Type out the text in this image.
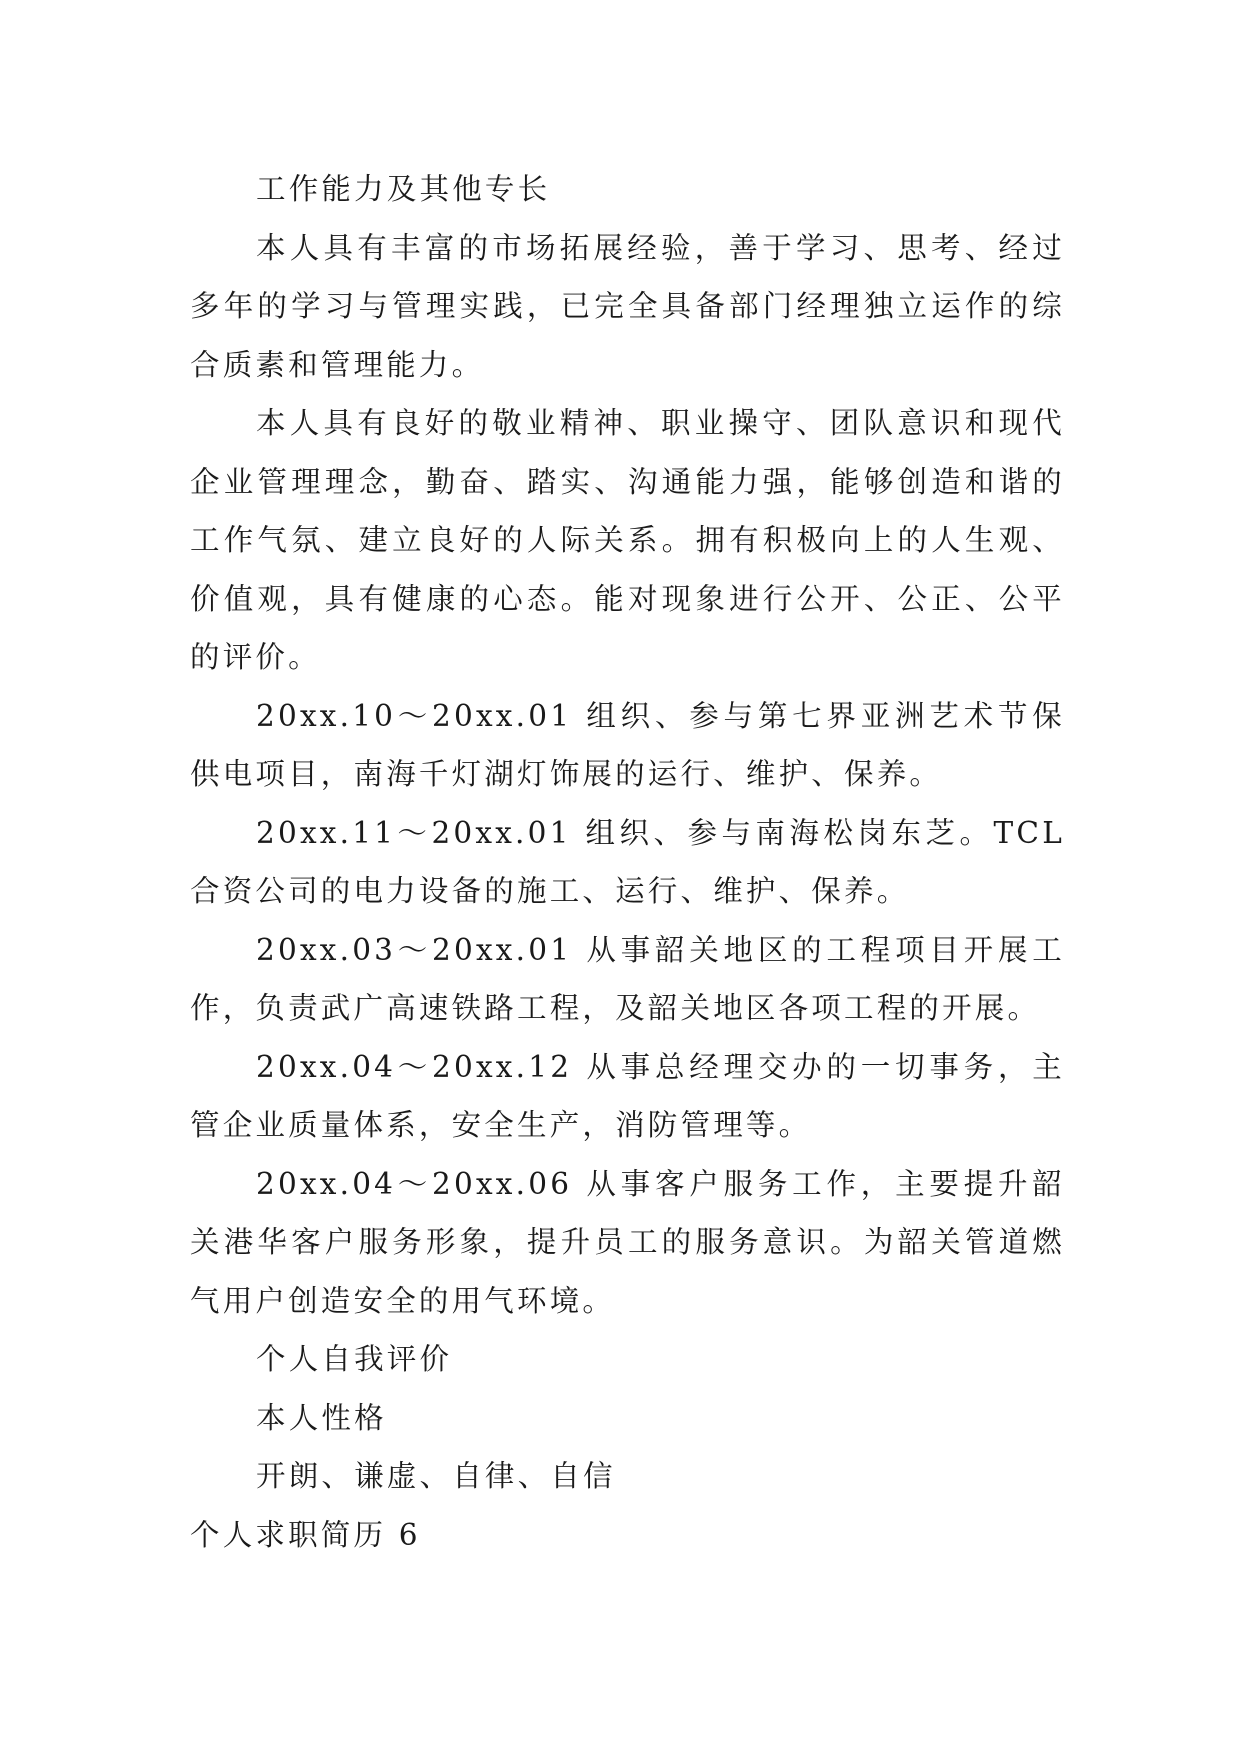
工作能力及其他专长

本人具有丰富的市场拓展经验，善于学习、思考、经过多年的学习与管理实践，已完全具备部门经理独立运作的综合质素和管理能力。

本人具有良好的敬业精神、职业操守、团队意识和现代企业管理理念，勤奋、踏实、沟通能力强，能够创造和谐的工作气氛、建立良好的人际关系。拥有积极向上的人生观、价值观，具有健康的心态。能对现象进行公开、公正、公平的评价。

20xx.10～20xx.01 组织、参与第七界亚洲艺术节保供电项目，南海千灯湖灯饰展的运行、维护、保养。

20xx.11～20xx.01 组织、参与南海松岗东芝。TCL 合资公司的电力设备的施工、运行、维护、保养。

20xx.03～20xx.01 从事韶关地区的工程项目开展工作，负责武广高速铁路工程，及韶关地区各项工程的开展。

20xx.04～20xx.12 从事总经理交办的一切事务，主管企业质量体系，安全生产，消防管理等。

20xx.04～20xx.06 从事客户服务工作，主要提升韶关港华客户服务形象，提升员工的服务意识。为韶关管道燃气用户创造安全的用气环境。

个人自我评价

本人性格

开朗、谦虚、自律、自信

个人求职简历 6
